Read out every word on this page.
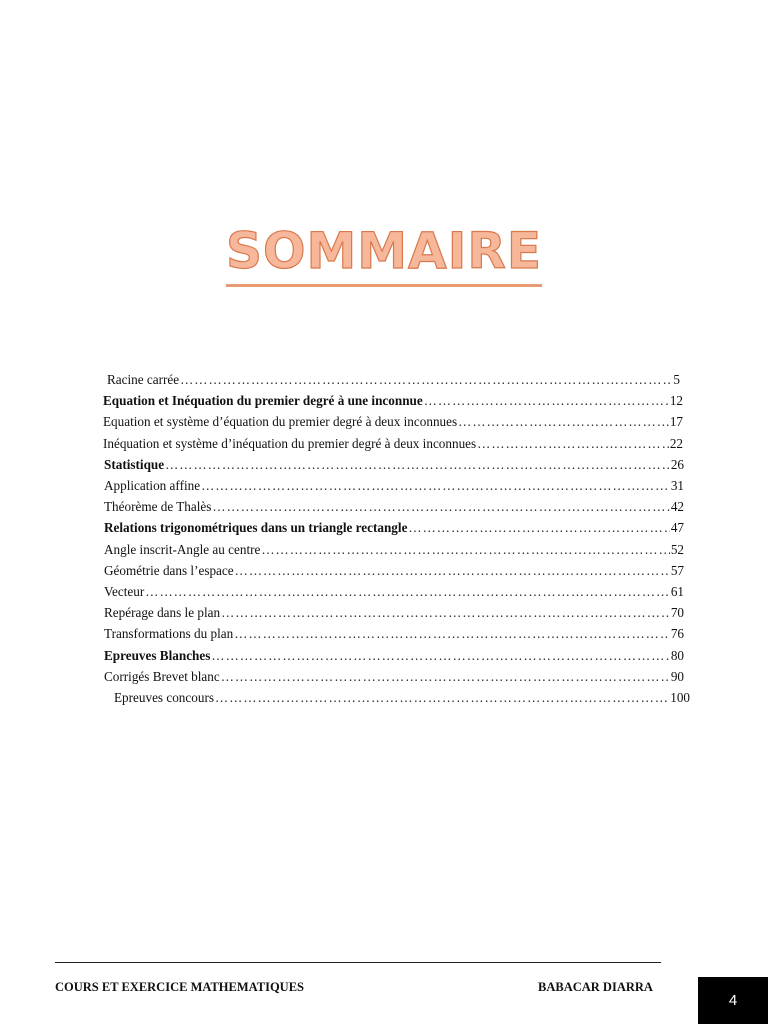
SOMMAIRE
Racine carrée ……………………………………………………………………………………………………………………………………………………………………………………	5
Equation et Inéquation du premier degré à une inconnue ……………………………………………………………………………………………………………………………………………………………………………………	12
Equation et système d’équation du premier degré à deux inconnues ……………………………………………………………………………………………………………………………………………………………………………………	17
Inéquation et système d’inéquation du premier degré à deux inconnues ……………………………………………………………………………………………………………………………………………………………………………………	22
Statistique ……………………………………………………………………………………………………………………………………………………………………………………	26
Application affine ……………………………………………………………………………………………………………………………………………………………………………………	31
Théorème de Thalès ……………………………………………………………………………………………………………………………………………………………………………………	42
Relations trigonométriques dans un triangle rectangle ……………………………………………………………………………………………………………………………………………………………………………………	47
Angle inscrit-Angle au centre ……………………………………………………………………………………………………………………………………………………………………………………	52
Géométrie dans l’espace ……………………………………………………………………………………………………………………………………………………………………………………	57
Vecteur ……………………………………………………………………………………………………………………………………………………………………………………	61
Repérage dans le plan ……………………………………………………………………………………………………………………………………………………………………………………	70
Transformations du plan ……………………………………………………………………………………………………………………………………………………………………………………	76
Epreuves Blanches ……………………………………………………………………………………………………………………………………………………………………………………	80
Corrigés Brevet blanc ……………………………………………………………………………………………………………………………………………………………………………………	90
Epreuves concours ……………………………………………………………………………………………………………………………………………………………………………………	100
COURS ET EXERCICE MATHEMATIQUES	BABACAR DIARRA
4
